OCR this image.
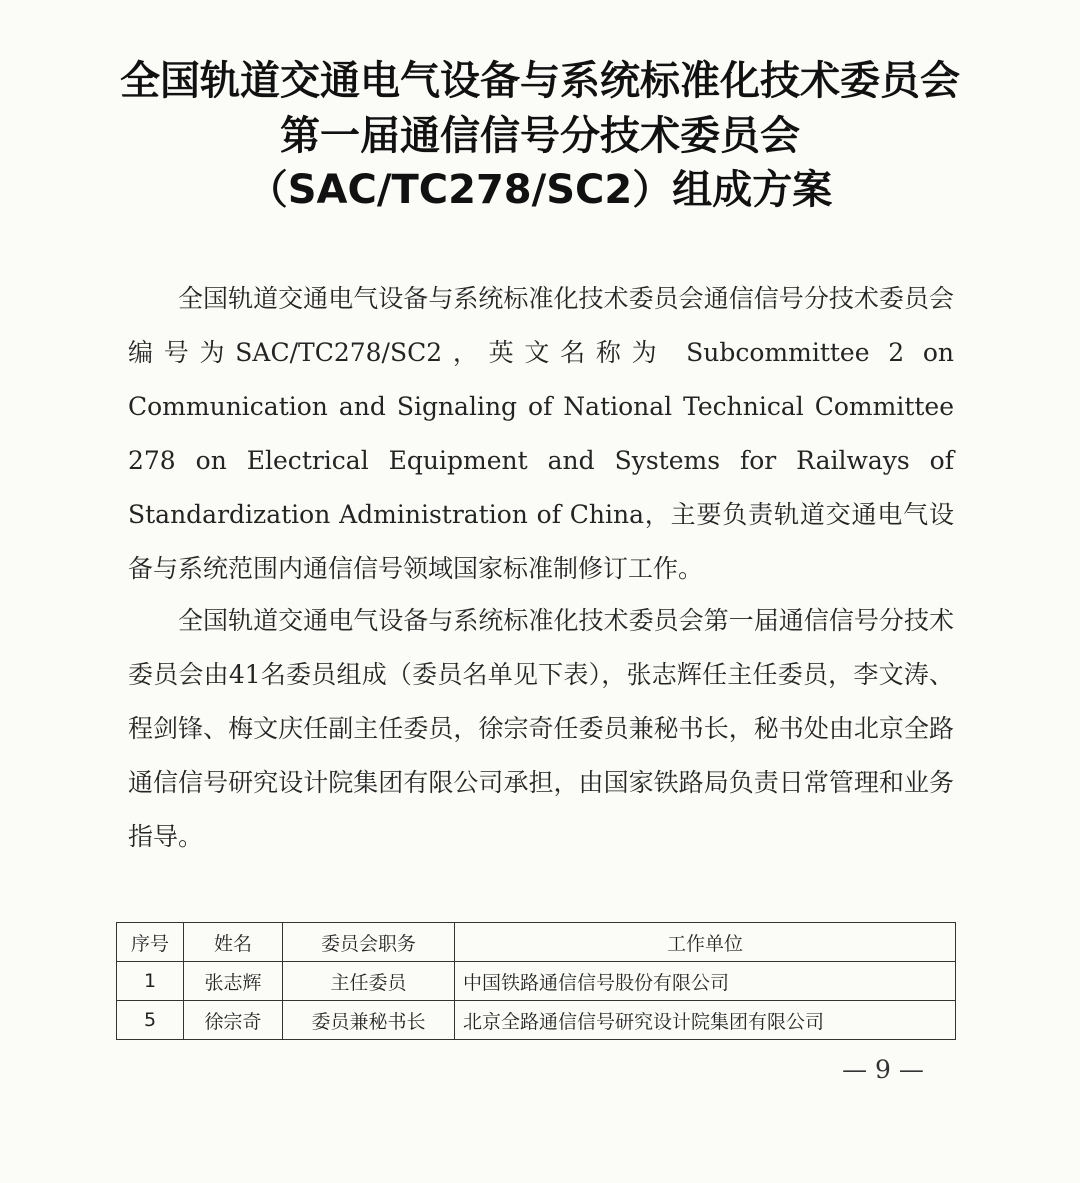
全国轨道交通电气设备与系统标准化技术委员会
第一届通信信号分技术委员会
（SAC/TC278/SC2）组成方案

全国轨道交通电气设备与系统标准化技术委员会通信信号分技术委员会编号为SAC/TC278/SC2，英文名称为 Subcommittee 2 on Communication and Signaling of National Technical Committee 278 on Electrical Equipment and Systems for Railways of Standardization Administration of China，主要负责轨道交通电气设备与系统范围内通信信号领域国家标准制修订工作。

全国轨道交通电气设备与系统标准化技术委员会第一届通信信号分技术委员会由41名委员组成（委员名单见下表），张志辉任主任委员，李文涛、程剑锋、梅文庆任副主任委员，徐宗奇任委员兼秘书长，秘书处由北京全路通信信号研究设计院集团有限公司承担，由国家铁路局负责日常管理和业务指导。

序号	姓名	委员会职务	工作单位
1	张志辉	主任委员	中国铁路通信信号股份有限公司
5	徐宗奇	委员兼秘书长	北京全路通信信号研究设计院集团有限公司
— 9 —
